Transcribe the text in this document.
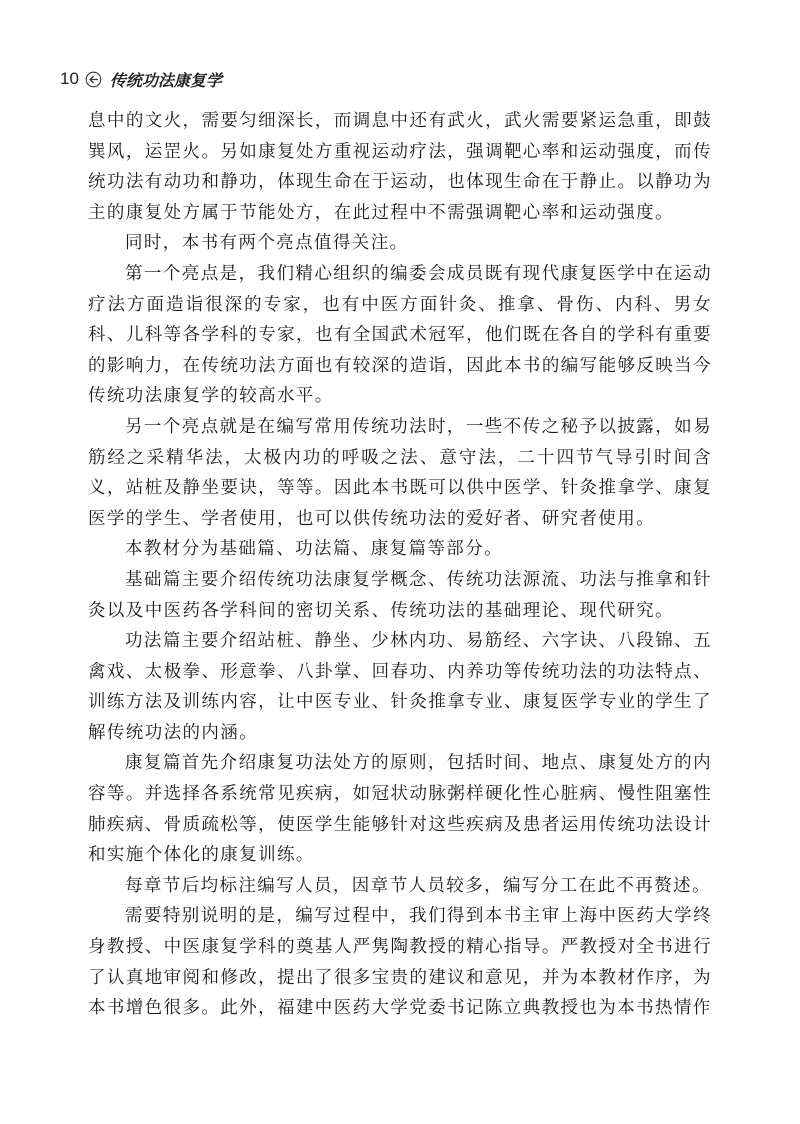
10 传统功法康复学

息中的文火，需要匀细深长，而调息中还有武火，武火需要紧运急重，即鼓巽风，运罡火。另如康复处方重视运动疗法，强调靶心率和运动强度，而传统功法有动功和静功，体现生命在于运动，也体现生命在于静止。以静功为主的康复处方属于节能处方，在此过程中不需强调靶心率和运动强度。

同时，本书有两个亮点值得关注。

第一个亮点是，我们精心组织的编委会成员既有现代康复医学中在运动疗法方面造诣很深的专家，也有中医方面针灸、推拿、骨伤、内科、男女科、儿科等各学科的专家，也有全国武术冠军，他们既在各自的学科有重要的影响力，在传统功法方面也有较深的造诣，因此本书的编写能够反映当今传统功法康复学的较高水平。

另一个亮点就是在编写常用传统功法时，一些不传之秘予以披露，如易筋经之采精华法，太极内功的呼吸之法、意守法，二十四节气导引时间含义，站桩及静坐要诀，等等。因此本书既可以供中医学、针灸推拿学、康复医学的学生、学者使用，也可以供传统功法的爱好者、研究者使用。

本教材分为基础篇、功法篇、康复篇等部分。

基础篇主要介绍传统功法康复学概念、传统功法源流、功法与推拿和针灸以及中医药各学科间的密切关系、传统功法的基础理论、现代研究。

功法篇主要介绍站桩、静坐、少林内功、易筋经、六字诀、八段锦、五禽戏、太极拳、形意拳、八卦掌、回春功、内养功等传统功法的功法特点、训练方法及训练内容，让中医专业、针灸推拿专业、康复医学专业的学生了解传统功法的内涵。

康复篇首先介绍康复功法处方的原则，包括时间、地点、康复处方的内容等。并选择各系统常见疾病，如冠状动脉粥样硬化性心脏病、慢性阻塞性肺疾病、骨质疏松等，使医学生能够针对这些疾病及患者运用传统功法设计和实施个体化的康复训练。

每章节后均标注编写人员，因章节人员较多，编写分工在此不再赘述。

需要特别说明的是，编写过程中，我们得到本书主审上海中医药大学终身教授、中医康复学科的奠基人严隽陶教授的精心指导。严教授对全书进行了认真地审阅和修改，提出了很多宝贵的建议和意见，并为本教材作序，为本书增色很多。此外，福建中医药大学党委书记陈立典教授也为本书热情作
